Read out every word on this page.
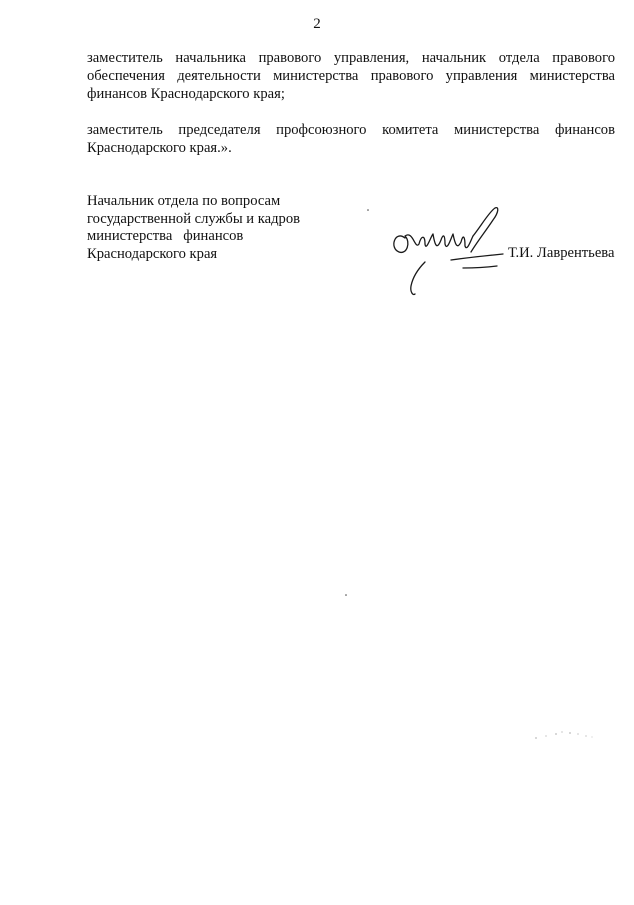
2
заместитель начальника правового управления, начальник отдела правового
обеспечения деятельности министерства правового управления министерства
финансов Краснодарского края;
заместитель председателя профсоюзного комитета министерства финансов
Краснодарского края.».
Начальник отдела по вопросам
государственной службы и кадров
министерства   финансов
Краснодарского края	Т.И. Лаврентьева
